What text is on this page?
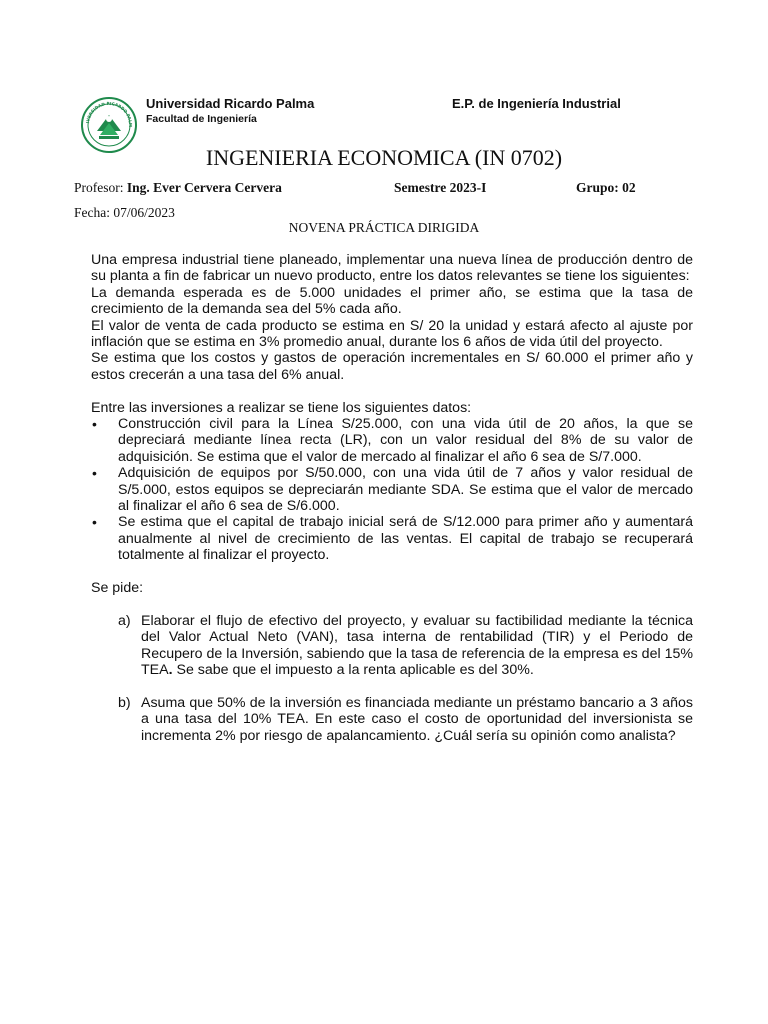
IVERSIDAD RICARDO PALM
Universidad Ricardo Palma
Facultad de Ingeniería
E.P. de Ingeniería Industrial
INGENIERIA ECONOMICA (IN 0702)
Profesor: Ing. Ever Cervera Cervera	Semestre 2023-I	Grupo: 02
Fecha: 07/06/2023
NOVENA PRÁCTICA DIRIGIDA

Una empresa industrial tiene planeado, implementar una nueva línea de producción dentro de su planta a fin de fabricar un nuevo producto, entre los datos relevantes se tiene los siguientes:

La demanda esperada es de 5.000 unidades el primer año, se estima que la tasa de crecimiento de la demanda sea del 5% cada año.

El valor de venta de cada producto se estima en S/ 20 la unidad y estará afecto al ajuste por inflación que se estima en 3% promedio anual, durante los 6 años de vida útil del proyecto.

Se estima que los costos y gastos de operación incrementales en S/ 60.000 el primer año y estos crecerán a una tasa del 6% anual.

Entre las inversiones a realizar se tiene los siguientes datos:

• Construcción civil para la Línea S/25.000, con una vida útil de 20 años, la que se depreciará mediante línea recta (LR), con un valor residual del 8% de su valor de adquisición. Se estima que el valor de mercado al finalizar el año 6 sea de S/7.000.
• Adquisición de equipos por S/50.000, con una vida útil de 7 años y valor residual de S/5.000, estos equipos se depreciarán mediante SDA. Se estima que el valor de mercado al finalizar el año 6 sea de S/6.000.
• Se estima que el capital de trabajo inicial será de S/12.000 para primer año y aumentará anualmente al nivel de crecimiento de las ventas. El capital de trabajo se recuperará totalmente al finalizar el proyecto.

Se pide:

a) Elaborar el flujo de efectivo del proyecto, y evaluar su factibilidad mediante la técnica del Valor Actual Neto (VAN), tasa interna de rentabilidad (TIR) y el Periodo de Recupero de la Inversión, sabiendo que la tasa de referencia de la empresa es del 15% TEA. Se sabe que el impuesto a la renta aplicable es del 30%.
b) Asuma que 50% de la inversión es financiada mediante un préstamo bancario a 3 años a una tasa del 10% TEA. En este caso el costo de oportunidad del inversionista se incrementa 2% por riesgo de apalancamiento. ¿Cuál sería su opinión como analista?
